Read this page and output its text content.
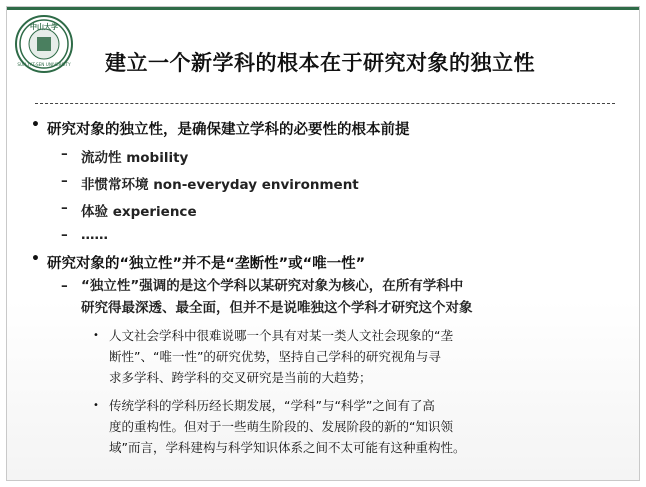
中山大学
SUN YAT-SEN UNIVERSITY 建立一个新学科的根本在于研究对象的独立性
• 研究对象的独立性，是确保建立学科的必要性的根本前提
– 流动性 mobility
– 非惯常环境 non-everyday environment
– 体验 experience
– ……
• 研究对象的“独立性”并不是“垄断性”或“唯一性”
– “独立性”强调的是这个学科以某研究对象为核心，在所有学科中
研究得最深透、最全面，但并不是说唯独这个学科才研究这个对象
• 人文社会学科中很难说哪一个具有对某一类人文社会现象的“垄
断性”、“唯一性”的研究优势，坚持自己学科的研究视角与寻
求多学科、跨学科的交叉研究是当前的大趋势；
• 传统学科的学科历经长期发展，“学科”与“科学”之间有了高
度的重构性。但对于一些萌生阶段的、发展阶段的新的“知识领
域”而言，学科建构与科学知识体系之间不太可能有这种重构性。
